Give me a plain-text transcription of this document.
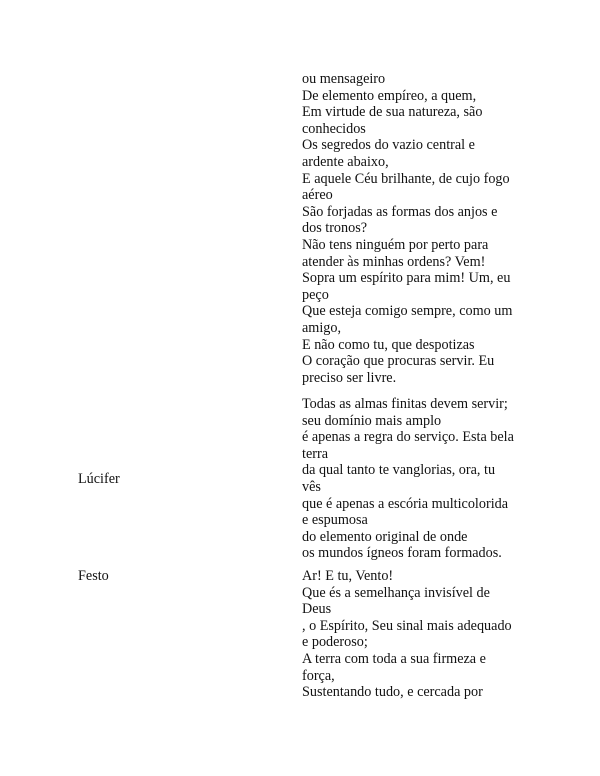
ou mensageiro
De elemento empíreo, a quem,
Em virtude de sua natureza, são
conhecidos
Os segredos do vazio central e
ardente abaixo,
E aquele Céu brilhante, de cujo fogo
aéreo
São forjadas as formas dos anjos e
dos tronos?
Não tens ninguém por perto para
atender às minhas ordens? Vem!
Sopra um espírito para mim! Um, eu
peço
Que esteja comigo sempre, como um
amigo,
E não como tu, que despotizas
O coração que procuras servir. Eu
preciso ser livre.
Lúcifer
Todas as almas finitas devem servir;
seu domínio mais amplo
é apenas a regra do serviço. Esta bela
terra
da qual tanto te vanglorias, ora, tu
vês
que é apenas a escória multicolorida
e espumosa
do elemento original de onde
os mundos ígneos foram formados.
Festo	Ar! E tu, Vento!
Que és a semelhança invisível de
Deus
, o Espírito, Seu sinal mais adequado
e poderoso;
A terra com toda a sua firmeza e
força,
Sustentando tudo, e cercada por
